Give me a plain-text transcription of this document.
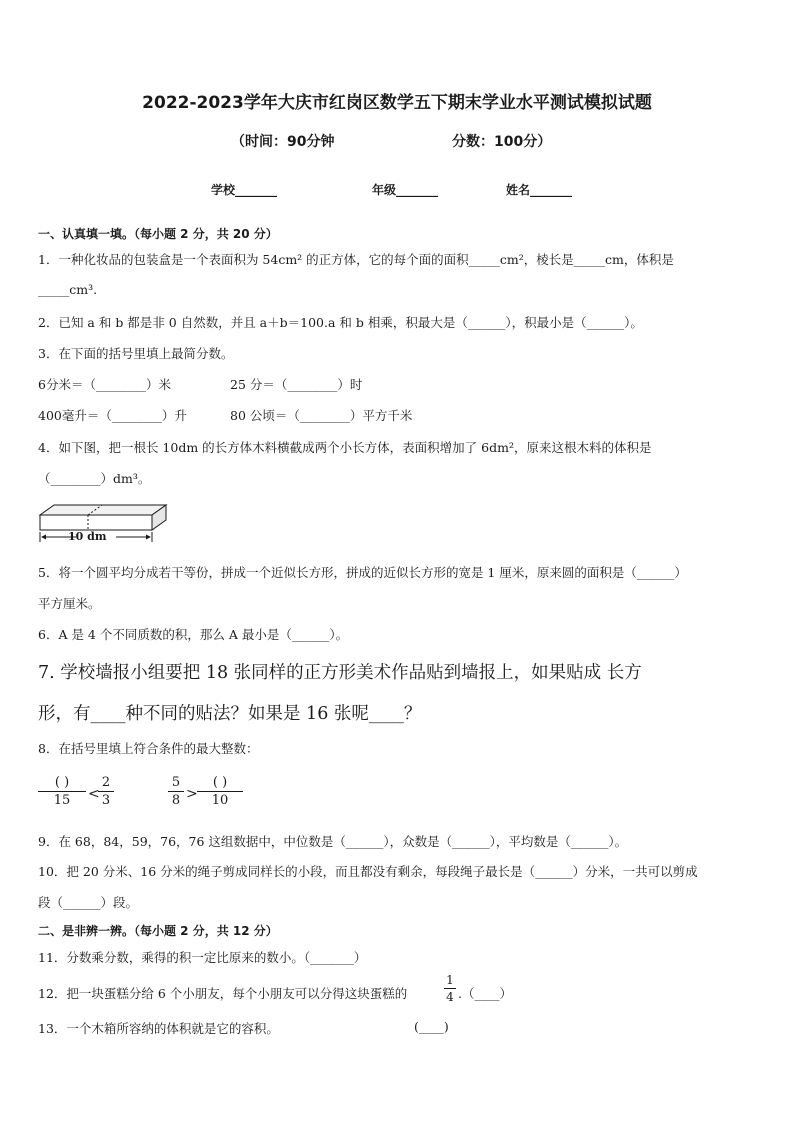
2022-2023学年大庆市红岗区数学五下期末学业水平测试模拟试题
（时间：90分钟	分数：100分）
学校_______	年级_______	姓名_______
一、认真填一填。（每小题 2 分，共 20 分）
1．一种化妆品的包装盒是一个表面积为 54cm² 的正方体，它的每个面的面积_____cm²，棱长是_____cm，体积是
_____cm³.
2．已知 a 和 b 都是非 0 自然数，并且 a＋b＝100.a 和 b 相乘，积最大是（______），积最小是（______）。
3．在下面的括号里填上最简分数。
6分米＝（________）米	25 分＝（________）时
400毫升＝（________）升	80 公顷＝（________）平方千米
4．如下图，把一根长 10dm 的长方体木料横截成两个小长方体，表面积增加了 6dm²，原来这根木料的体积是
（________）dm³。
10 dm
5．将一个圆平均分成若干等份，拼成一个近似长方形，拼成的近似长方形的宽是 1 厘米，原来圆的面积是（______）
平方厘米。
6．A 是 4 个不同质数的积，那么 A 最小是（______）。
7. 学校墙报小组要把 18 张同样的正方形美术作品贴到墙报上，如果贴成 长方
形，有____种不同的贴法？如果是 16 张呢____？
8．在括号里填上符合条件的最大整数：
( )
15	<
2
3
5
8 >
( )
10
9．在 68，84，59，76，76 这组数据中，中位数是（______），众数是（______），平均数是（______）。
10．把 20 分米、16 分米的绳子剪成同样长的小段，而且都没有剩余，每段绳子最长是（______）分米，一共可以剪成
段（______）段。
二、是非辨一辨。（每小题 2 分，共 12 分）
11．分数乘分数，乘得的积一定比原来的数小。（_______）
12．把一块蛋糕分给 6 个小朋友，每个小朋友可以分得这块蛋糕的
1
4 .（____）
13．一个木箱所容纳的体积就是它的容积。	(____)
